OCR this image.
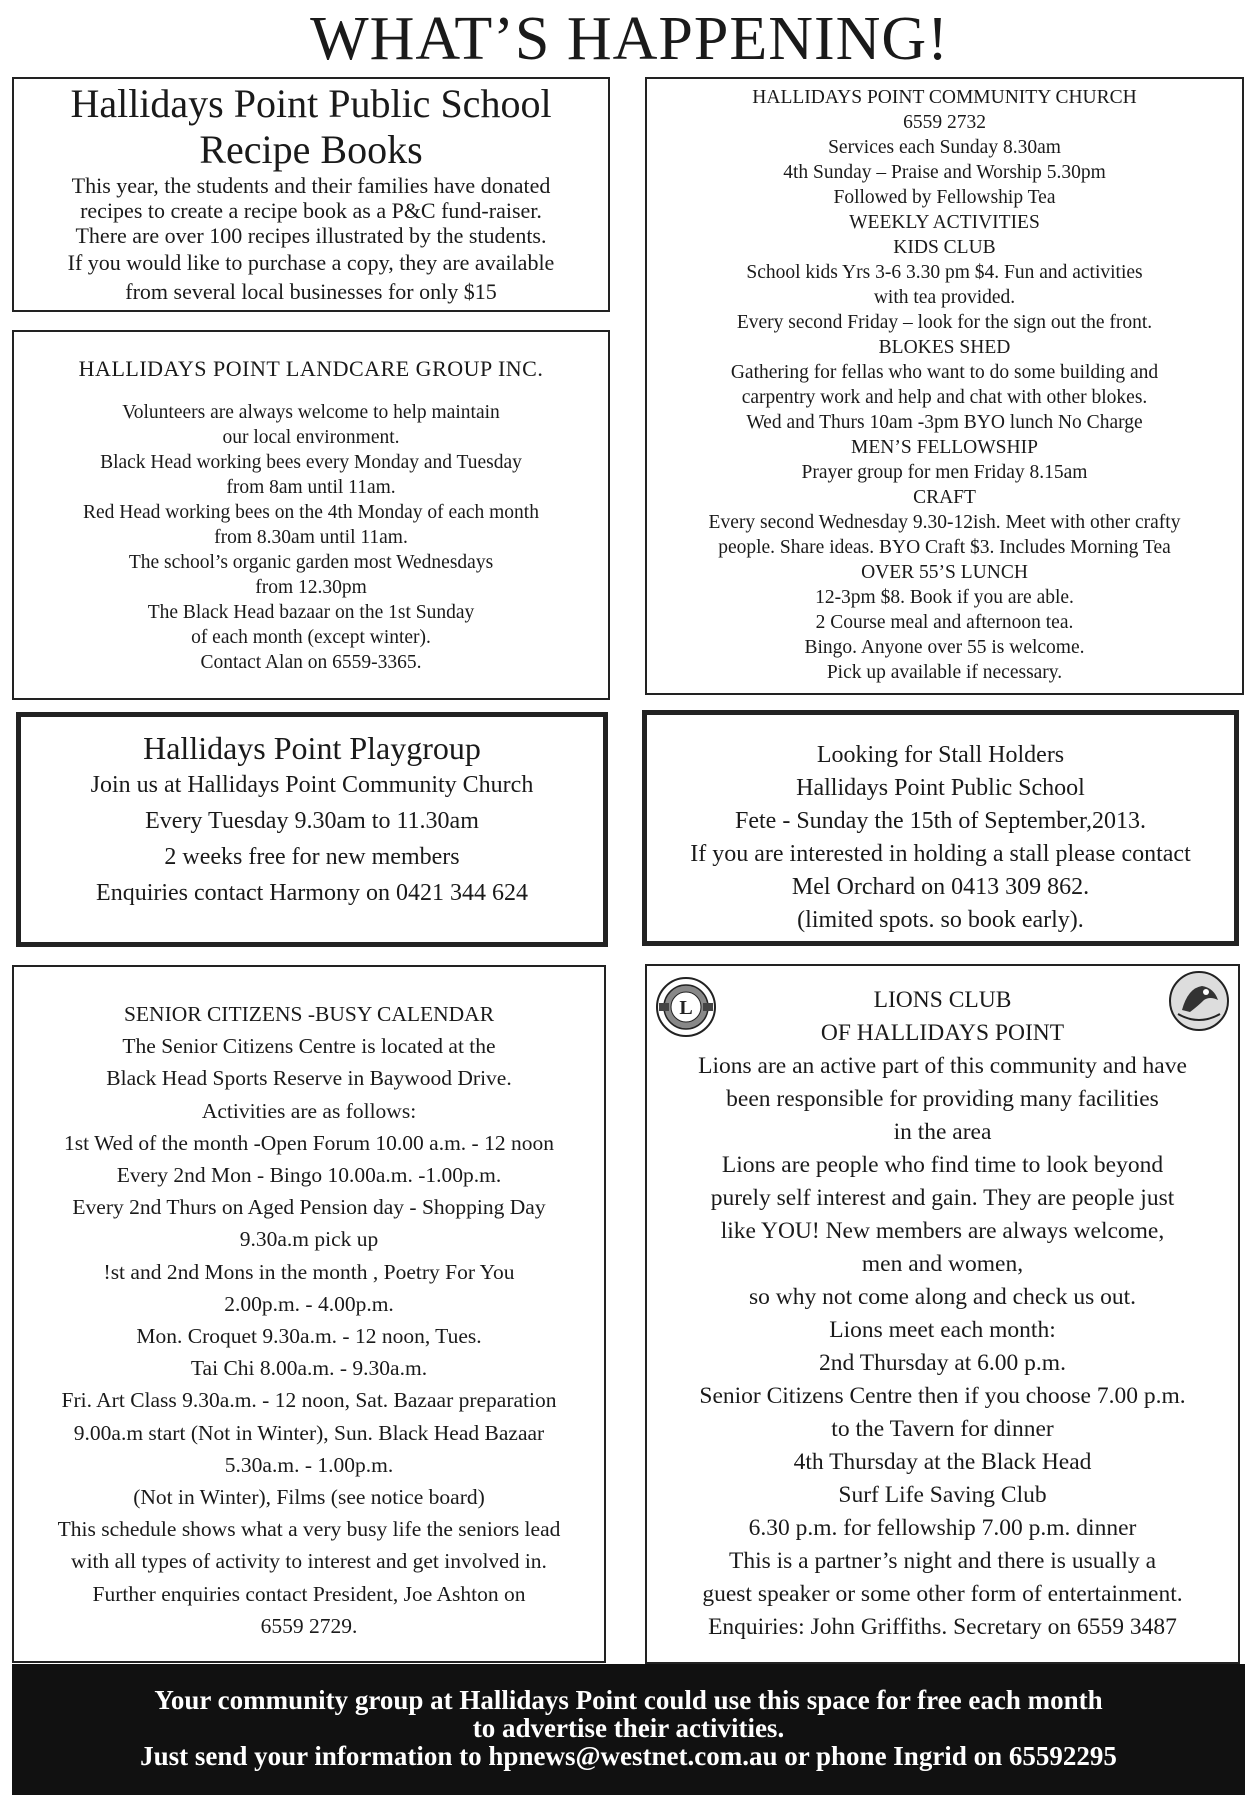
WHAT’S HAPPENING!
Hallidays Point Public School
Recipe Books
This year, the students and their families have donated
recipes to create a recipe book as a P&C fund-raiser.
There are over 100 recipes illustrated by the students.
If you would like to purchase a copy, they are available
from several local businesses for only $15
HALLIDAYS POINT LANDCARE GROUP INC.
Volunteers are always welcome to help maintain
our local environment.
Black Head working bees every Monday and Tuesday
from 8am until 11am.
Red Head working bees on the 4th Monday of each month
from 8.30am until 11am.
The school’s organic garden most Wednesdays
from 12.30pm
The Black Head bazaar on the 1st Sunday
of each month (except winter).
Contact Alan on 6559-3365.
HALLIDAYS POINT COMMUNITY CHURCH
6559 2732
Services each Sunday 8.30am
4th Sunday – Praise and Worship 5.30pm
Followed by Fellowship Tea
WEEKLY ACTIVITIES
KIDS CLUB
School kids Yrs 3-6 3.30 pm $4. Fun and activities
with tea provided.
Every second Friday – look for the sign out the front.
BLOKES SHED
Gathering for fellas who want to do some building and
carpentry work and help and chat with other blokes.
Wed and Thurs 10am -3pm BYO lunch No Charge
MEN’S FELLOWSHIP
Prayer group for men Friday 8.15am
CRAFT
Every second Wednesday 9.30-12ish. Meet with other crafty
people. Share ideas. BYO Craft $3. Includes Morning Tea
OVER 55’S LUNCH
12-3pm $8. Book if you are able.
2 Course meal and afternoon tea.
Bingo. Anyone over 55 is welcome.
Pick up available if necessary.
Hallidays Point Playgroup
Join us at Hallidays Point Community Church
Every Tuesday 9.30am to 11.30am
2 weeks free for new members
Enquiries contact Harmony on 0421 344 624
Looking for Stall Holders
Hallidays Point Public School
Fete - Sunday the 15th of September,2013.
If you are interested in holding a stall please contact
Mel Orchard on 0413 309 862.
(limited spots. so book early).
SENIOR CITIZENS -BUSY CALENDAR
The Senior Citizens Centre is located at the
Black Head Sports Reserve in Baywood Drive.
Activities are as follows:
1st Wed of the month -Open Forum 10.00 a.m. - 12 noon
Every 2nd Mon - Bingo 10.00a.m. -1.00p.m.
Every 2nd Thurs on Aged Pension day - Shopping Day
9.30a.m pick up
!st and 2nd Mons in the month , Poetry For You
2.00p.m. - 4.00p.m.
Mon. Croquet 9.30a.m. - 12 noon, Tues.
Tai Chi 8.00a.m. - 9.30a.m.
Fri. Art Class 9.30a.m. - 12 noon, Sat. Bazaar preparation
9.00a.m start (Not in Winter), Sun. Black Head Bazaar
5.30a.m. - 1.00p.m.
(Not in Winter), Films (see notice board)
This schedule shows what a very busy life the seniors lead
with all types of activity to interest and get involved in.
Further enquiries contact President, Joe Ashton on
6559 2729.
L	LIONS CLUB
OF HALLIDAYS POINT
Lions are an active part of this community and have
been responsible for providing many facilities
in the area
Lions are people who find time to look beyond
purely self interest and gain. They are people just
like YOU! New members are always welcome,
men and women,
so why not come along and check us out.
Lions meet each month:
2nd Thursday at 6.00 p.m.
Senior Citizens Centre then if you choose 7.00 p.m.
to the Tavern for dinner
4th Thursday at the Black Head
Surf Life Saving Club
6.30 p.m. for fellowship 7.00 p.m. dinner
This is a partner’s night and there is usually a
guest speaker or some other form of entertainment.
Enquiries: John Griffiths. Secretary on 6559 3487
Your community group at Hallidays Point could use this space for free each month
to advertise their activities.
Just send your information to hpnews@westnet.com.au or phone Ingrid on 65592295
